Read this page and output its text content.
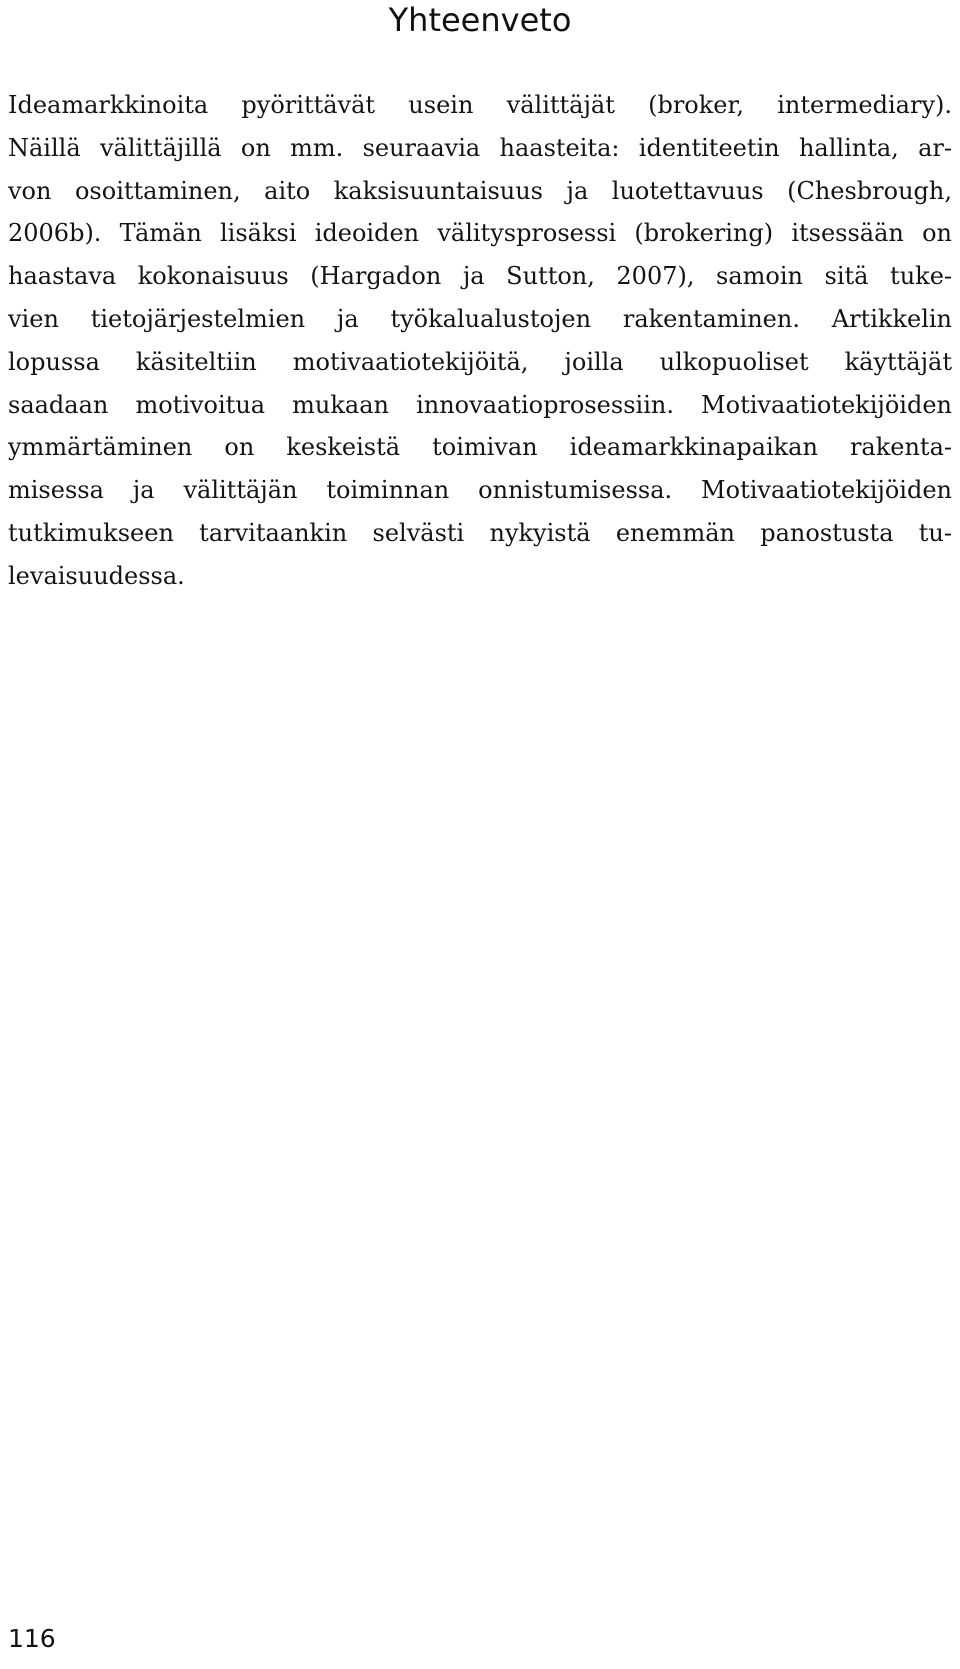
Yhteenveto
Ideamarkkinoita pyörittävät usein välittäjät (broker, intermediary).
Näillä välittäjillä on mm. seuraavia haasteita: identiteetin hallinta, ar-
von osoittaminen, aito kaksisuuntaisuus ja luotettavuus (Chesbrough,
2006b). Tämän lisäksi ideoiden välitysprosessi (brokering) itsessään on
haastava kokonaisuus (Hargadon ja Sutton, 2007), samoin sitä tuke-
vien tietojärjestelmien ja työkalualustojen rakentaminen. Artikkelin
lopussa käsiteltiin motivaatiotekijöitä, joilla ulkopuoliset käyttäjät
saadaan motivoitua mukaan innovaatioprosessiin. Motivaatiotekijöiden
ymmärtäminen on keskeistä toimivan ideamarkkinapaikan rakenta-
misessa ja välittäjän toiminnan onnistumisessa. Motivaatiotekijöiden
tutkimukseen tarvitaankin selvästi nykyistä enemmän panostusta tu-
levaisuudessa.
116
